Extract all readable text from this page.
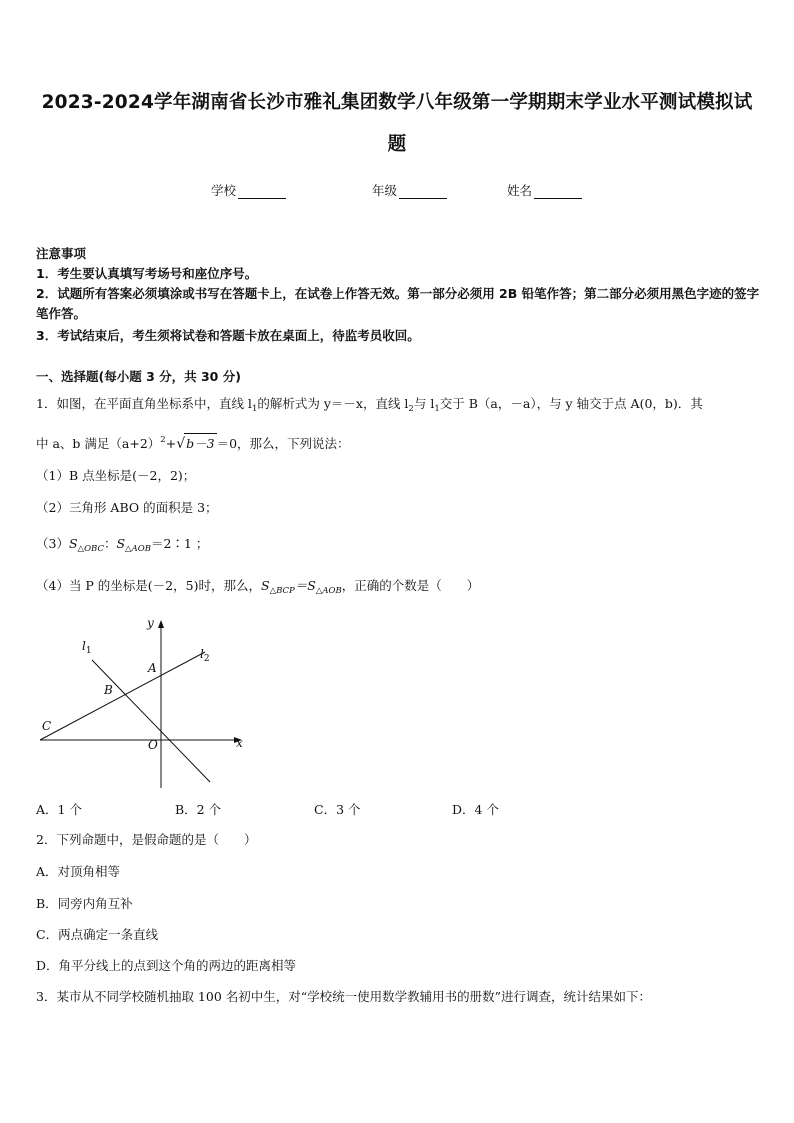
2023-2024学年湖南省长沙市雅礼集团数学八年级第一学期期末学业水平测试模拟试
题
学校	年级	姓名
注意事项
1．考生要认真填写考场号和座位序号。
2．试题所有答案必须填涂或书写在答题卡上，在试卷上作答无效。第一部分必须用 2B 铅笔作答；第二部分必须用黑色字迹的签字笔作答。
3．考试结束后，考生须将试卷和答题卡放在桌面上，待监考员收回。
一、选择题(每小题 3 分，共 30 分)
1．如图，在平面直角坐标系中，直线 $l_1$的解析式为 y＝－x，直线 $l_2$与 $l_1$交于 B（a，－a），与 y 轴交于点 A(0，b)．其
中 a、b 满足$(a+2)^2+√b-3 =0$，那么，下列说法：
（1）B 点坐标是(－2，2)；
（2）三角形 ABO 的面积是 3；
$(3)S_{\triangle OBC}$：$S_{\triangle AOB}=2∶1$ ；
（4）当 P 的坐标是(－2，5)时，那么，$S_{\triangle BCP}=S_{\triangle AOB}$，正确的个数是（　　）
y
x
O
A
B
C
$l_1$	$l_2$
A．1 个	B．2 个	C．3 个	D．4 个
2．下列命题中，是假命题的是（　　）
A．对顶角相等
B．同旁内角互补
C．两点确定一条直线
D．角平分线上的点到这个角的两边的距离相等
3．某市从不同学校随机抽取 100 名初中生，对“学校统一使用数学教辅用书的册数”进行调查，统计结果如下：
